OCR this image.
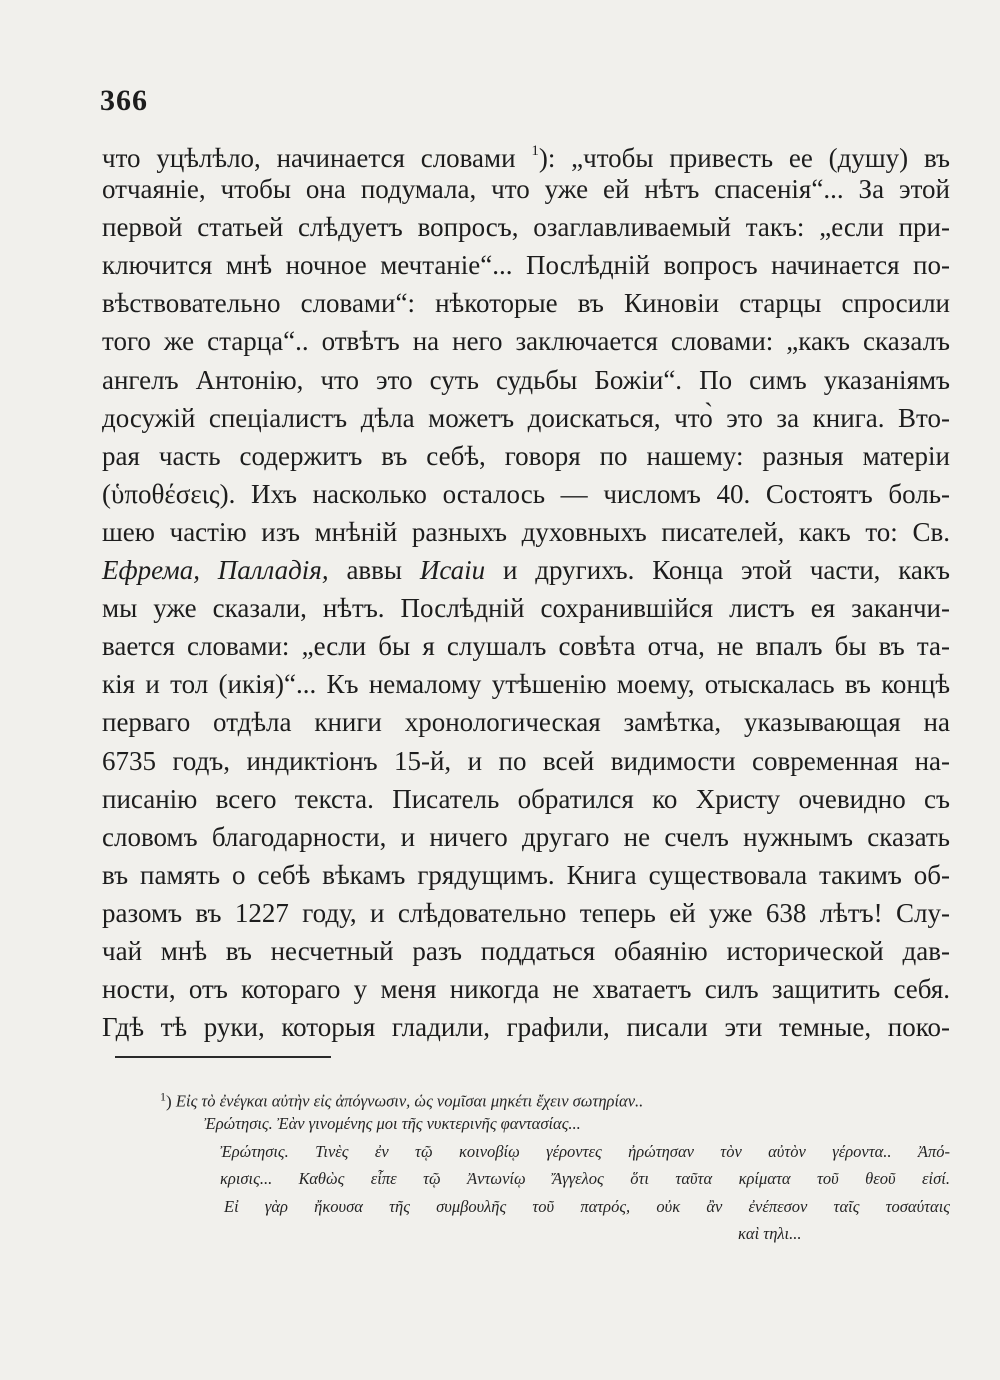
366
что уцѣлѣло, начинается словами $^1$): „чтобы привесть ее (душу) въ
отчаяніе, чтобы она подумала, что уже ей нѣтъ спасенія“... За этой
первой статьей слѣдуетъ вопросъ, озаглавливаемый такъ: „если при-
ключится мнѣ ночное мечтаніе“... Послѣдній вопросъ начинается по-
вѣствовательно словами“: нѣкоторые въ Киновіи старцы спросили
того же старца“.. отвѣтъ на него заключается словами: „какъ сказалъ
ангелъ Антонію, что это суть судьбы Божіи“. По симъ указаніямъ
досужій спеціалистъ дѣла можетъ доискаться, что̀ это за книга. Вто-
рая часть содержитъ въ себѣ, говоря по нашему: разныя матеріи
(ὑποθέσεις). Ихъ насколько осталось — числомъ 40. Состоятъ боль-
шею частію изъ мнѣній разныхъ духовныхъ писателей, какъ то: Св.
Ефрема, Палладія, аввы Исаіи и другихъ. Конца этой части, какъ
мы уже сказали, нѣтъ. Послѣдній сохранившійся листъ ея заканчи-
вается словами: „если бы я слушалъ совѣта отча, не впалъ бы въ та-
кія и тол (икія)“... Къ немалому утѣшенію моему, отыскалась въ концѣ
перваго отдѣла книги хронологическая замѣтка, указывающая на
6735 годъ, индиктіонъ 15-й, и по всей видимости современная на-
писанію всего текста. Писатель обратился ко Христу очевидно съ
словомъ благодарности, и ничего другаго не счелъ нужнымъ сказать
въ память о себѣ вѣкамъ грядущимъ. Книга существовала такимъ об-
разомъ въ 1227 году, и слѣдовательно теперь ей уже 638 лѣтъ! Слу-
чай мнѣ въ несчетный разъ поддаться обаянію исторической дав-
ности, отъ котораго у меня никогда не хватаетъ силъ защитить себя.
Гдѣ тѣ руки, которыя гладили, графили, писали эти темные, поко-
$^1$) Εἰς τὸ ἐνέγκαι αὐτὴν εἰς ἀπόγνωσιν, ὡς νομῖσαι μηκέτι ἔχειν σωτηρίαν..
Ἐρώτησις. Ἐὰν γινομένης μοι τῆς νυκτερινῆς φαντασίας...
Ἐρώτησις. Τινὲς ἐν τῷ κοινοβίῳ γέροντες ἠρώτησαν τὸν αὐτὸν γέροντα.. Ἀπό-
κρισις... Καθὼς εἶπε τῷ Ἀντωνίῳ Ἄγγελος ὅτι ταῦτα κρίματα τοῦ θεοῦ εἰσί.
Εἰ γὰρ ἤκουσα τῆς συμβουλῆς τοῦ πατρός, οὐκ ἂν ἐνέπεσον ταῖς τοσαύταις
καὶ τηλι...
